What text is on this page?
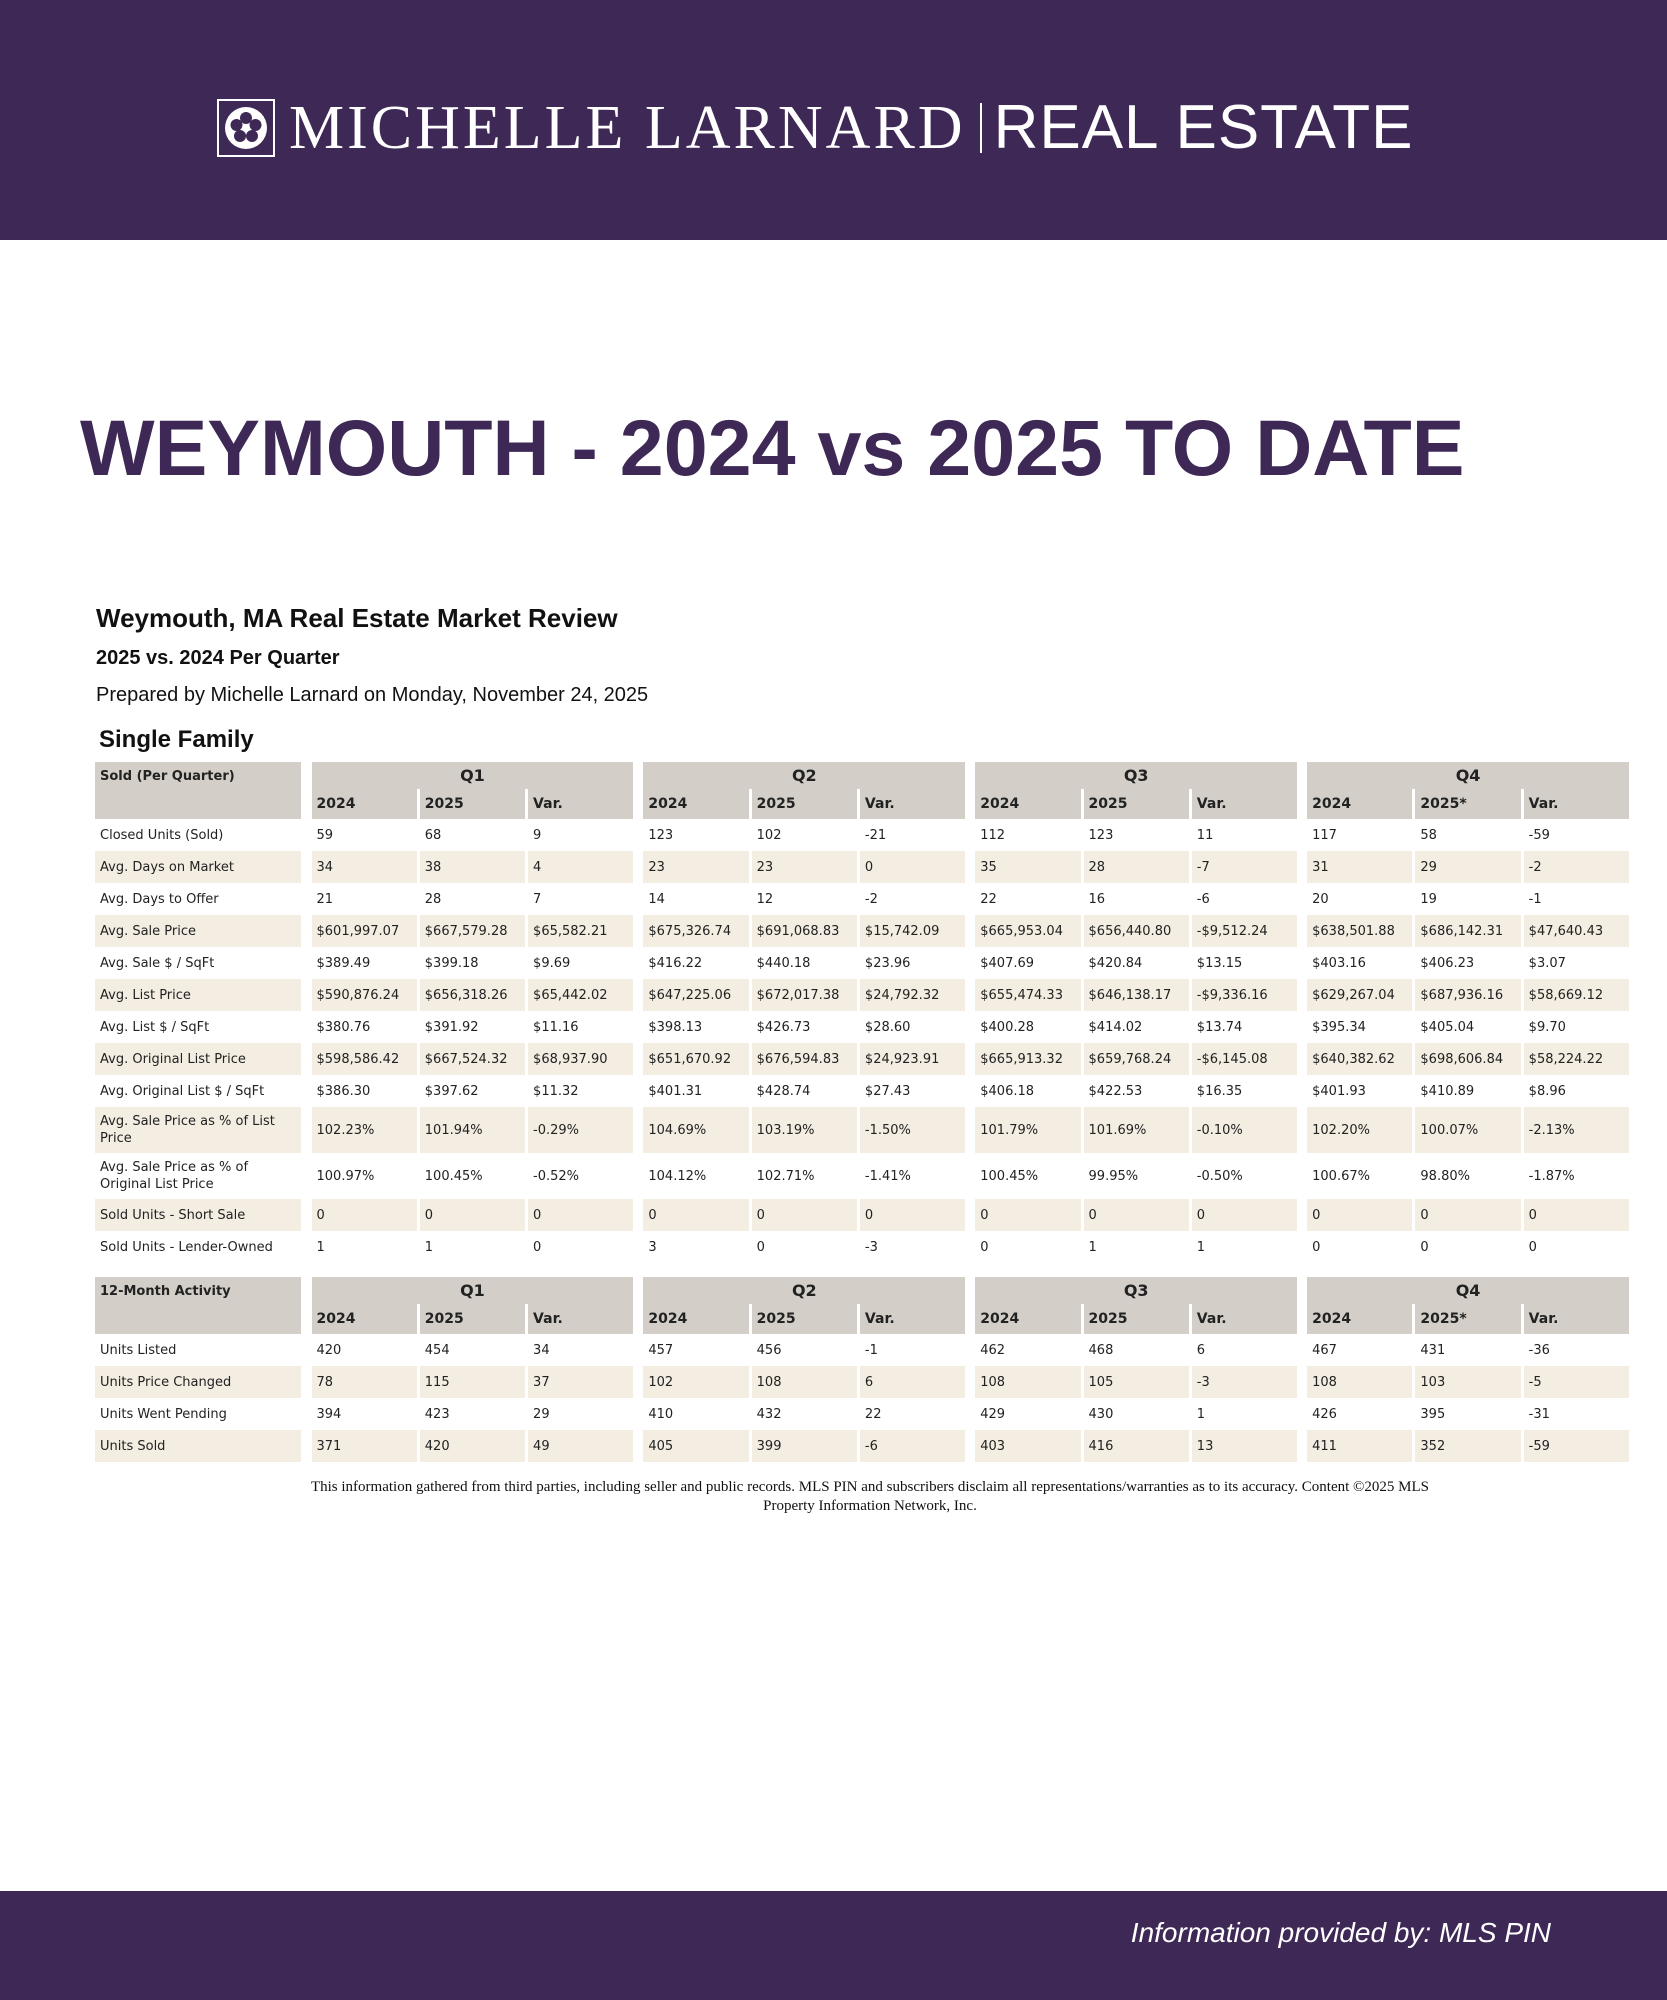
MICHELLE LARNARD REAL ESTATE
WEYMOUTH - 2024 vs 2025 TO DATE
Weymouth, MA Real Estate Market Review
2025 vs. 2024 Per Quarter
Prepared by Michelle Larnard on Monday, November 24, 2025
Single Family
Sold (Per Quarter)		Q1				Q2				Q3				Q4		
		2024	2025	Var.		2024	2025	Var.		2024	2025	Var.		2024	2025*	Var.
Closed Units (Sold)		59	68	9		123	102	-21		112	123	11		117	58	-59
Avg. Days on Market		34	38	4		23	23	0		35	28	-7		31	29	-2
Avg. Days to Offer		21	28	7		14	12	-2		22	16	-6		20	19	-1
Avg. Sale Price		$601,997.07	$667,579.28	$65,582.21		$675,326.74	$691,068.83	$15,742.09		$665,953.04	$656,440.80	-$9,512.24		$638,501.88	$686,142.31	$47,640.43
Avg. Sale $ / SqFt		$389.49	$399.18	$9.69		$416.22	$440.18	$23.96		$407.69	$420.84	$13.15		$403.16	$406.23	$3.07
Avg. List Price		$590,876.24	$656,318.26	$65,442.02		$647,225.06	$672,017.38	$24,792.32		$655,474.33	$646,138.17	-$9,336.16		$629,267.04	$687,936.16	$58,669.12
Avg. List $ / SqFt		$380.76	$391.92	$11.16		$398.13	$426.73	$28.60		$400.28	$414.02	$13.74		$395.34	$405.04	$9.70
Avg. Original List Price		$598,586.42	$667,524.32	$68,937.90		$651,670.92	$676,594.83	$24,923.91		$665,913.32	$659,768.24	-$6,145.08		$640,382.62	$698,606.84	$58,224.22
Avg. Original List $ / SqFt		$386.30	$397.62	$11.32		$401.31	$428.74	$27.43		$406.18	$422.53	$16.35		$401.93	$410.89	$8.96
Avg. Sale Price as % of List Price		102.23%	101.94%	-0.29%		104.69%	103.19%	-1.50%		101.79%	101.69%	-0.10%		102.20%	100.07%	-2.13%
Avg. Sale Price as % of Original List Price		100.97%	100.45%	-0.52%		104.12%	102.71%	-1.41%		100.45%	99.95%	-0.50%		100.67%	98.80%	-1.87%
Sold Units - Short Sale		0	0	0		0	0	0		0	0	0		0	0	0
Sold Units - Lender-Owned		1	1	0		3	0	-3		0	1	1		0	0	0
12-Month Activity		Q1				Q2				Q3				Q4		
		2024	2025	Var.		2024	2025	Var.		2024	2025	Var.		2024	2025*	Var.
Units Listed		420	454	34		457	456	-1		462	468	6		467	431	-36
Units Price Changed		78	115	37		102	108	6		108	105	-3		108	103	-5
Units Went Pending		394	423	29		410	432	22		429	430	1		426	395	-31
Units Sold		371	420	49		405	399	-6		403	416	13		411	352	-59
This information gathered from third parties, including seller and public records. MLS PIN and subscribers disclaim all representations/warranties as to its accuracy. Content ©2025 MLS Property Information Network, Inc.
Information provided by: MLS PIN
